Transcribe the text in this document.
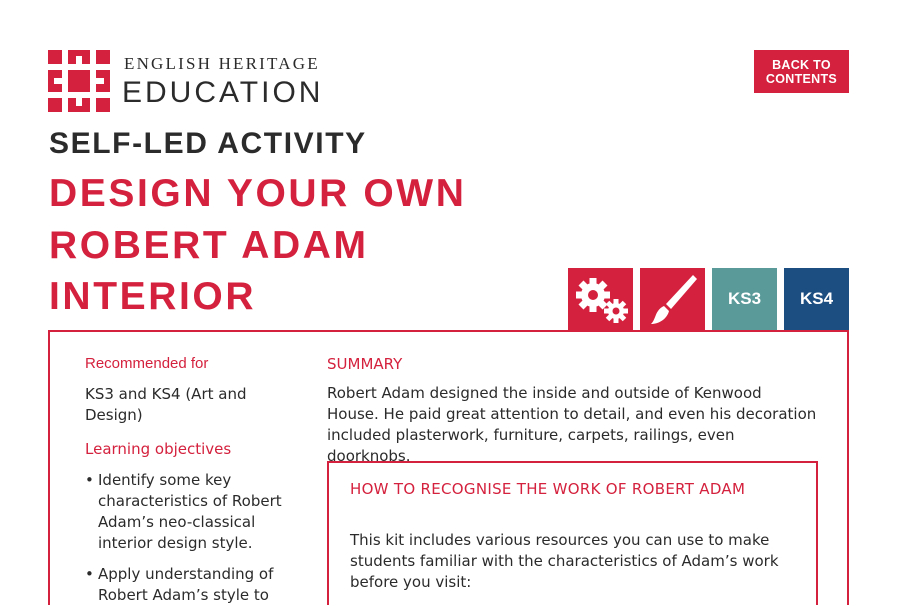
ENGLISH HERITAGE
EDUCATION
BACK TO
CONTENTS
SELF-LED ACTIVITY
DESIGN YOUR OWN
ROBERT ADAM
INTERIOR	KS3	KS4
Recommended for
KS3 and KS4 (Art and Design)
Learning objectives
• Identify some key characteristics of Robert Adam’s neo-classical interior design style.
• Apply understanding of Robert Adam’s style to
SUMMARY
Robert Adam designed the inside and outside of Kenwood House. He paid great attention to detail, and even his decoration included plasterwork, furniture, carpets, railings, even doorknobs.
HOW TO RECOGNISE THE WORK OF ROBERT ADAM
This kit includes various resources you can use to make students familiar with the characteristics of Adam’s work before you visit:
